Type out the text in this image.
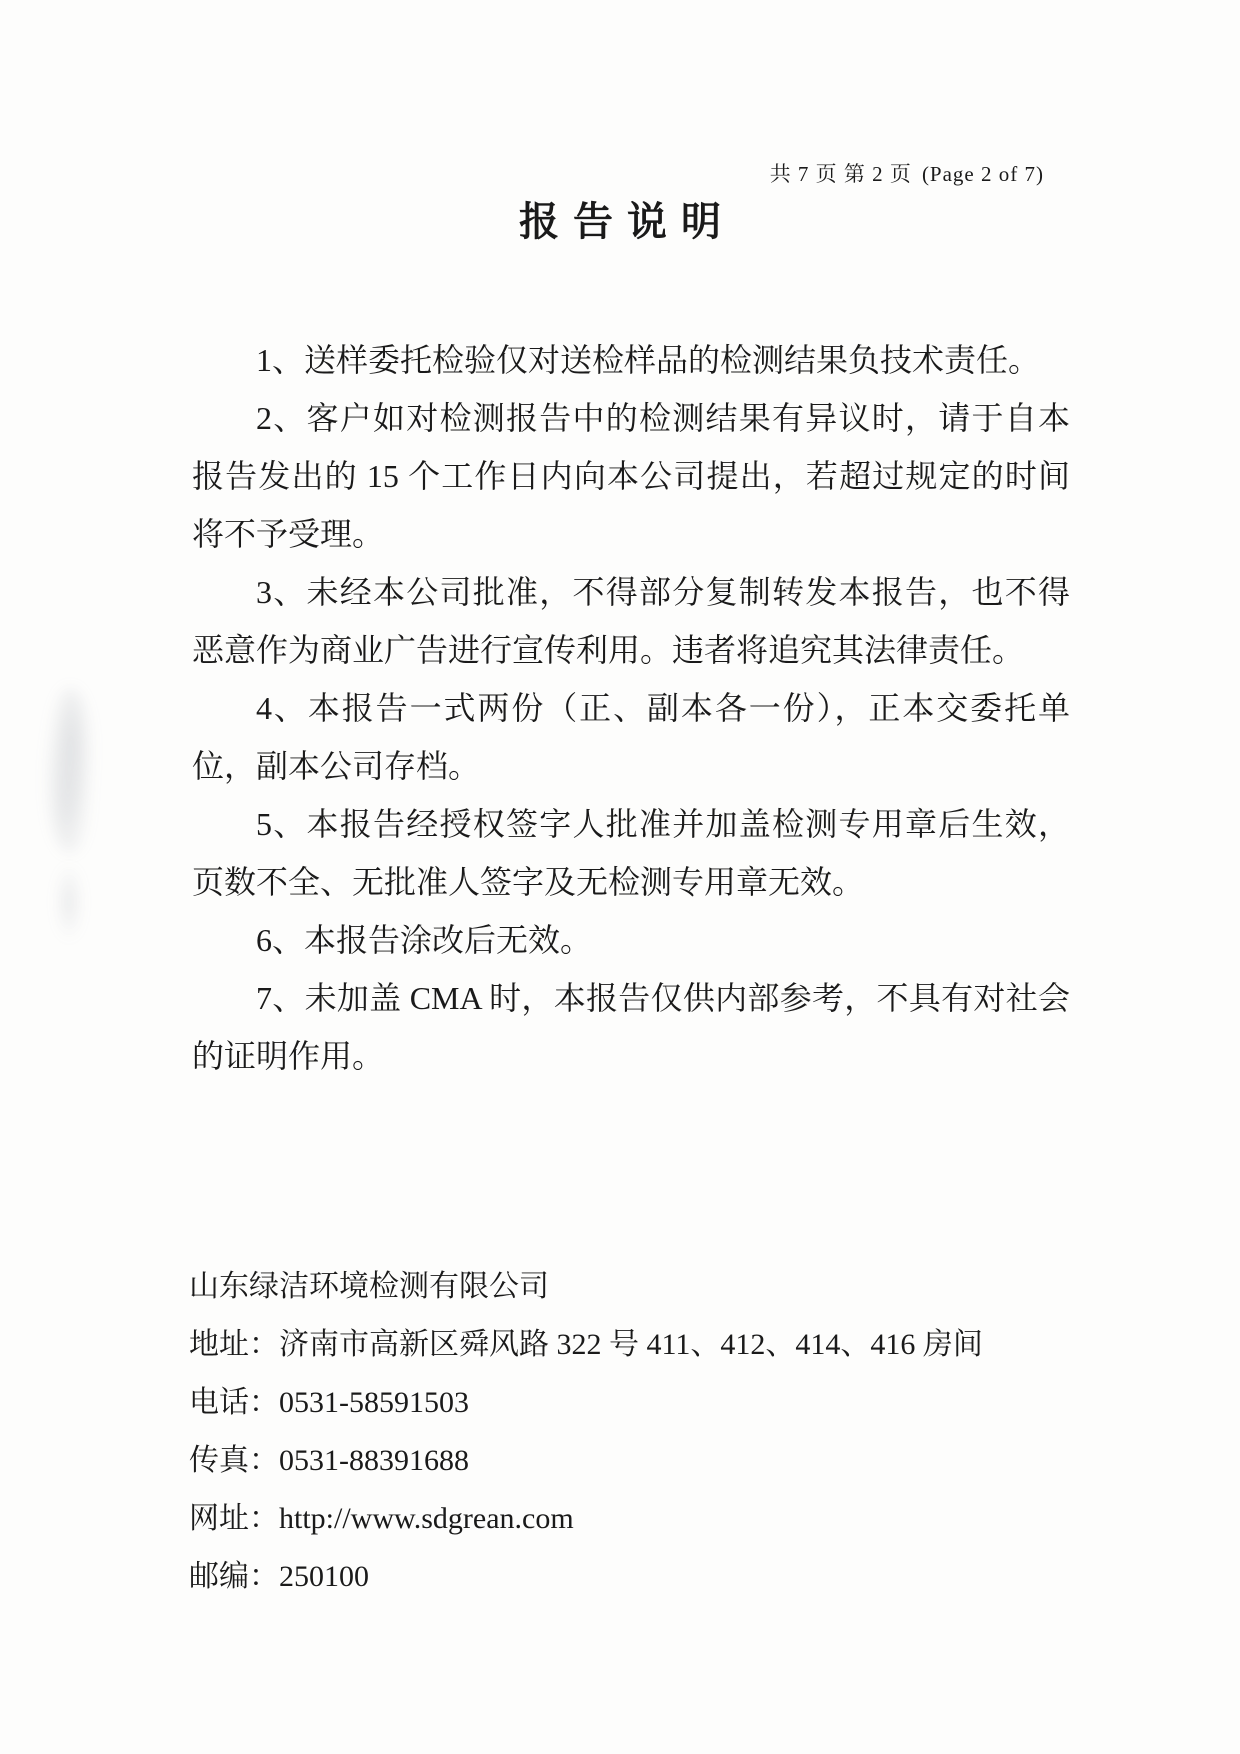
共 7 页 第 2 页 (Page 2 of 7)
报告说明

1、送样委托检验仅对送检样品的检测结果负技术责任。

2、客户如对检测报告中的检测结果有异议时，请于自本报告发出的 15 个工作日内向本公司提出，若超过规定的时间将不予受理。

3、未经本公司批准，不得部分复制转发本报告，也不得恶意作为商业广告进行宣传利用。违者将追究其法律责任。

4、本报告一式两份（正、副本各一份），正本交委托单位，副本公司存档。

5、本报告经授权签字人批准并加盖检测专用章后生效，页数不全、无批准人签字及无检测专用章无效。

6、本报告涂改后无效。

7、未加盖 CMA 时，本报告仅供内部参考，不具有对社会的证明作用。

山东绿洁环境检测有限公司

地址：济南市高新区舜风路 322 号 411、412、414、416 房间

电话：0531-58591503

传真：0531-88391688

网址：http://www.sdgrean.com

邮编：250100
